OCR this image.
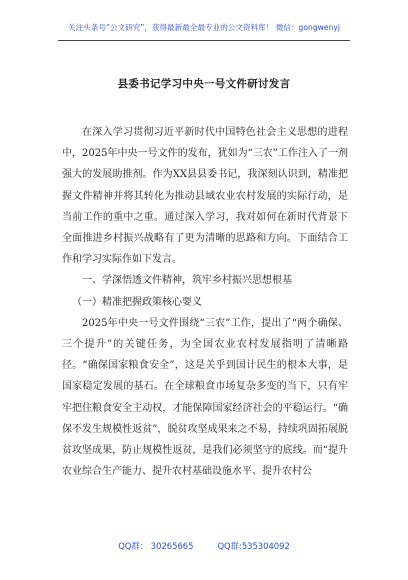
关注头条号“公文研究”，获得最新最全最专业的公文资料库！ 微信：gongwenyj
县委书记学习中央一号文件研讨发言

在深入学习贯彻习近平新时代中国特色社会主义思想的进程中，2025年中央一号文件的发布，犹如为“三农”工作注入了一剂强大的发展助推剂。作为XX县县委书记，我深刻认识到，精准把握文件精神并将其转化为推动县域农业农村发展的实际行动，是当前工作的重中之重。通过深入学习，我对如何在新时代背景下全面推进乡村振兴战略有了更为清晰的思路和方向。下面结合工作和学习实际作如下发言。

一、学深悟透文件精神，筑牢乡村振兴思想根基

（一）精准把握政策核心要义

2025年中央一号文件围绕“三农”工作，提出了“两个确保、三个提升”的关键任务，为全国农业农村发展指明了清晰路径。“确保国家粮食安全”，这是关乎到国计民生的根本大事，是国家稳定发展的基石。在全球粮食市场复杂多变的当下，只有牢牢把住粮食安全主动权，才能保障国家经济社会的平稳运行。“确保不发生规模性返贫”，脱贫攻坚成果来之不易，持续巩固拓展脱贫攻坚成果，防止规模性返贫，是我们必须坚守的底线。而“提升农业综合生产能力、提升农村基础设施水平、提升农村公

QQ群： 30265665	QQ群:535304092
